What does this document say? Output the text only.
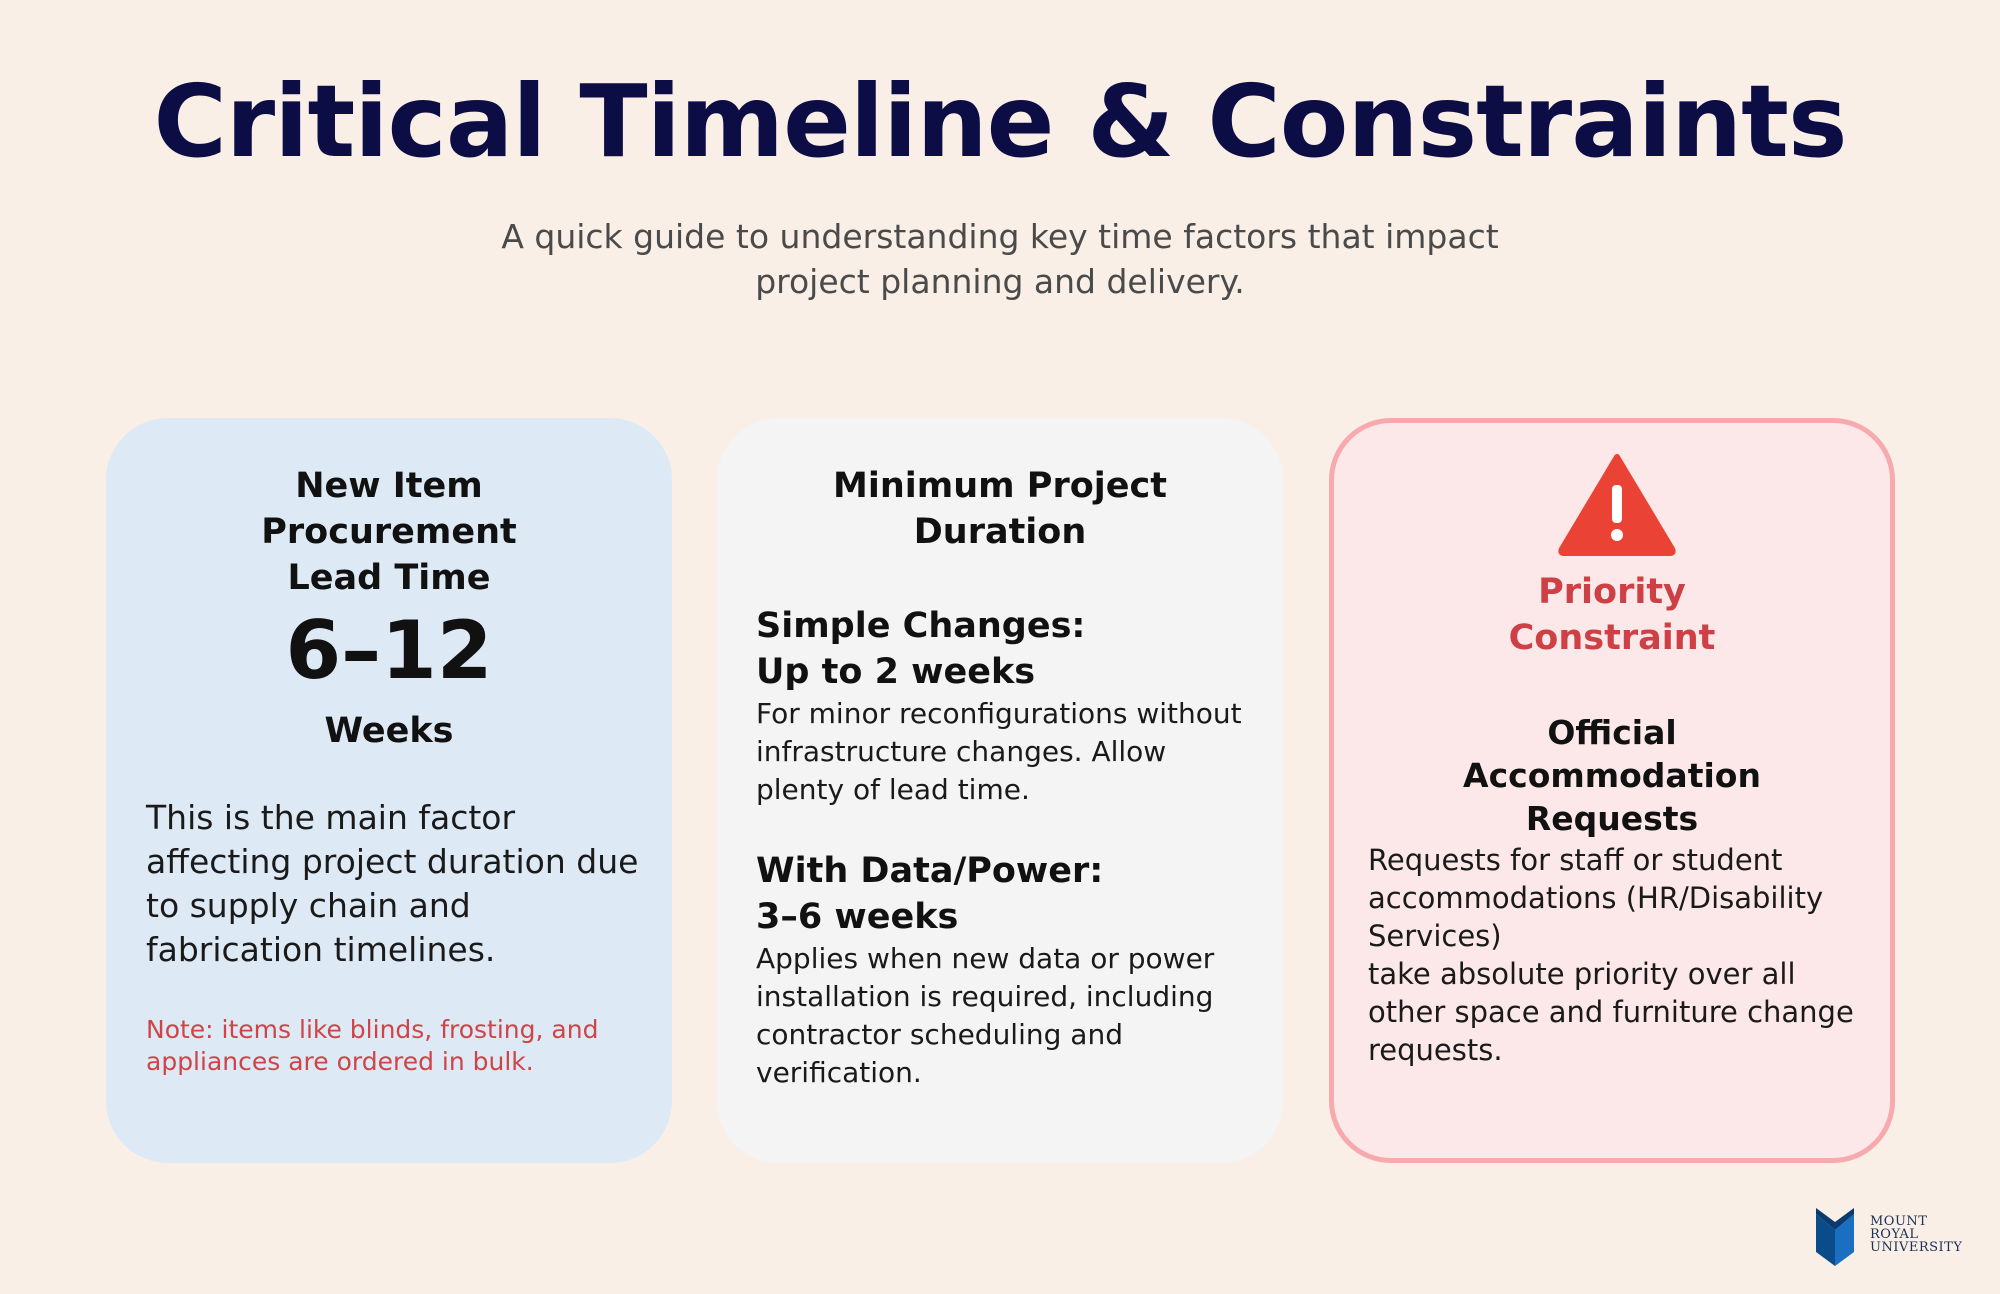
Critical Timeline & Constraints
A quick guide to understanding key time factors that impact project planning and delivery.
New Item Procurement Lead Time
6–12
Weeks
This is the main factor affecting project duration due to supply chain and fabrication timelines.
Note: items like blinds, frosting, and appliances are ordered in bulk.
Minimum Project Duration
Simple Changes:
Up to 2 weeks
For minor reconfigurations without infrastructure changes. Allow plenty of lead time.
With Data/Power:
3–6 weeks
Applies when new data or power installation is required, including contractor scheduling and verification.
Priority Constraint
Official Accommodation Requests
Requests for staff or student accommodations (HR/Disability Services)
take absolute priority over all other space and furniture change requests.
MOUNT
ROYAL
UNIVERSITY
